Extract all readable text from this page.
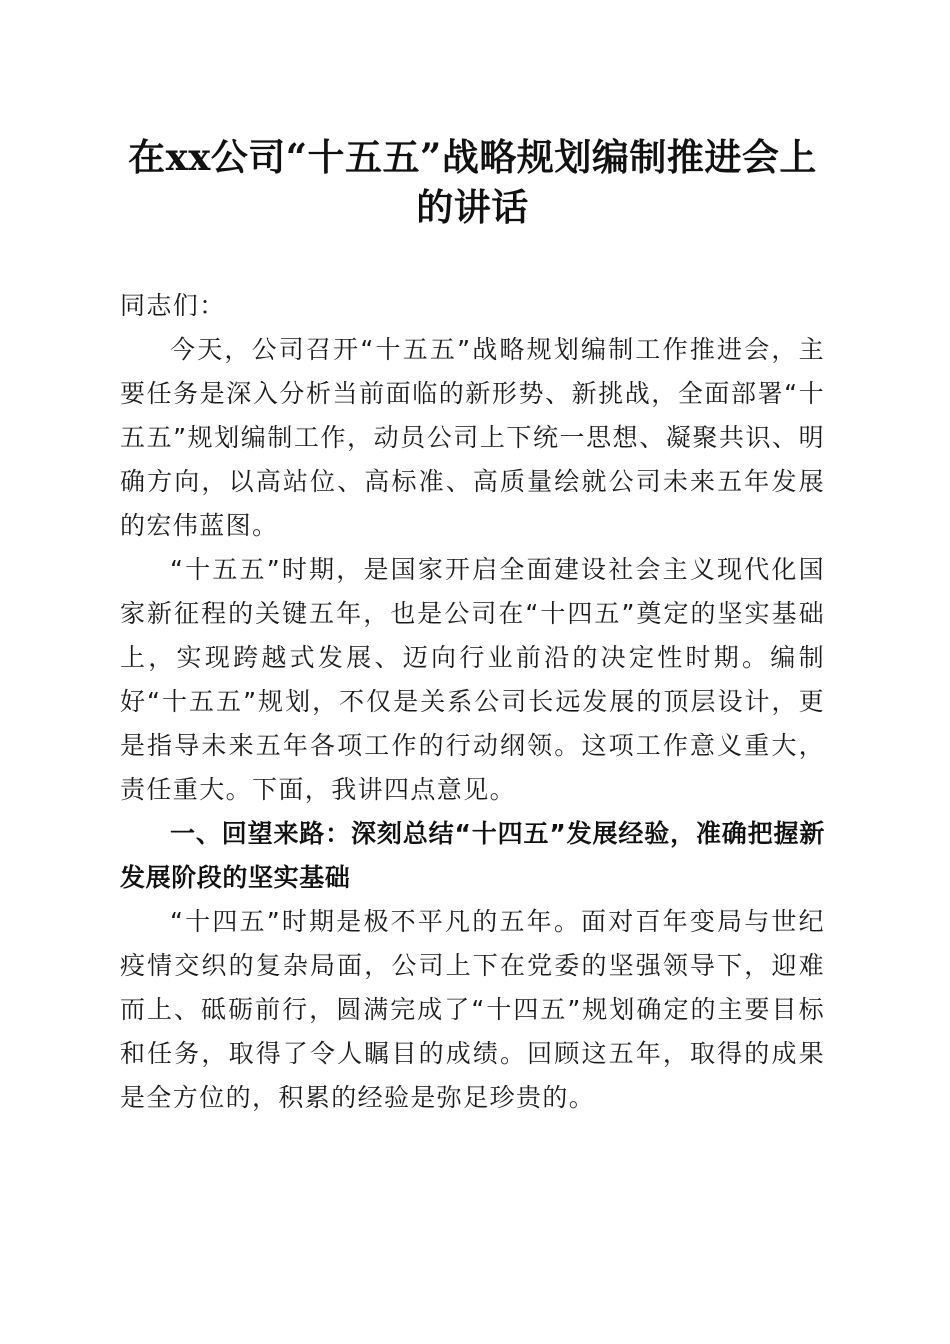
在xx公司“十五五”战略规划编制推进会上
的讲话

同志们：

今天，公司召开“十五五”战略规划编制工作推进会，主要任务是深入分析当前面临的新形势、新挑战，全面部署“十五五”规划编制工作，动员公司上下统一思想、凝聚共识、明确方向，以高站位、高标准、高质量绘就公司未来五年发展的宏伟蓝图。

“十五五”时期，是国家开启全面建设社会主义现代化国家新征程的关键五年，也是公司在“十四五”奠定的坚实基础上，实现跨越式发展、迈向行业前沿的决定性时期。编制好“十五五”规划，不仅是关系公司长远发展的顶层设计，更是指导未来五年各项工作的行动纲领。这项工作意义重大，责任重大。下面，我讲四点意见。

一、回望来路：深刻总结“十四五”发展经验，准确把握新发展阶段的坚实基础

“十四五”时期是极不平凡的五年。面对百年变局与世纪疫情交织的复杂局面，公司上下在党委的坚强领导下，迎难而上、砥砺前行，圆满完成了“十四五”规划确定的主要目标和任务，取得了令人瞩目的成绩。回顾这五年，取得的成果是全方位的，积累的经验是弥足珍贵的。
